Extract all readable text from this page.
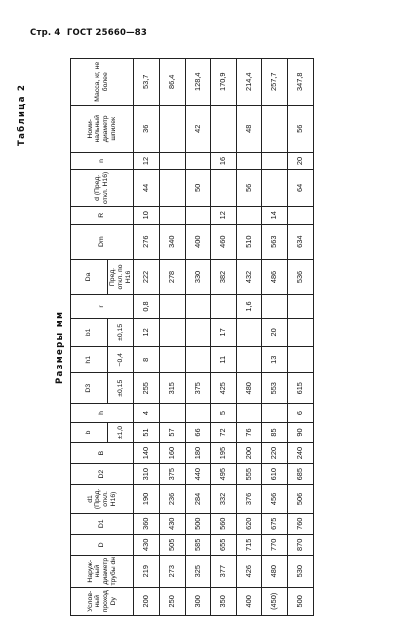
Стр. 4 ГОСТ 25660—83
Размеры мм
Таблица 2
Условный проход Dу	Наружный диаметр трубы dн	D	D1	d1 (Пред. откл. Н16)	D2	B	b	h	D3	h1	b1	r	Da	Dm	R	d (Пред. откл. Н16)	n	Номинальный диаметр шпилек	Масса, кг, не более
							±1,0		±0,15	−0,4	±0,15		Пред. откл. по Н16						
200	219	430	360	190	310	140	51	4	255	8	12	0,8	222	276	10	44	12	36	53,7
250	273	505	430	236	375	160	57		315				278	340					86,4
300	325	585	500	284	440	180	66		375				330	400		50		42	128,4
350	377	655	560	332	495	195	72	5	425	11	17		382	460	12		16		170,9
400	426	715	620	376	555	200	76		480			1,6	432	510		56		48	214,4
(450)	480	770	675	456	610	220	85		553	13	20		486	563	14				257,7
500	530	870	760	506	685	240	90	6	615				536	634		64	20	56	347,8
